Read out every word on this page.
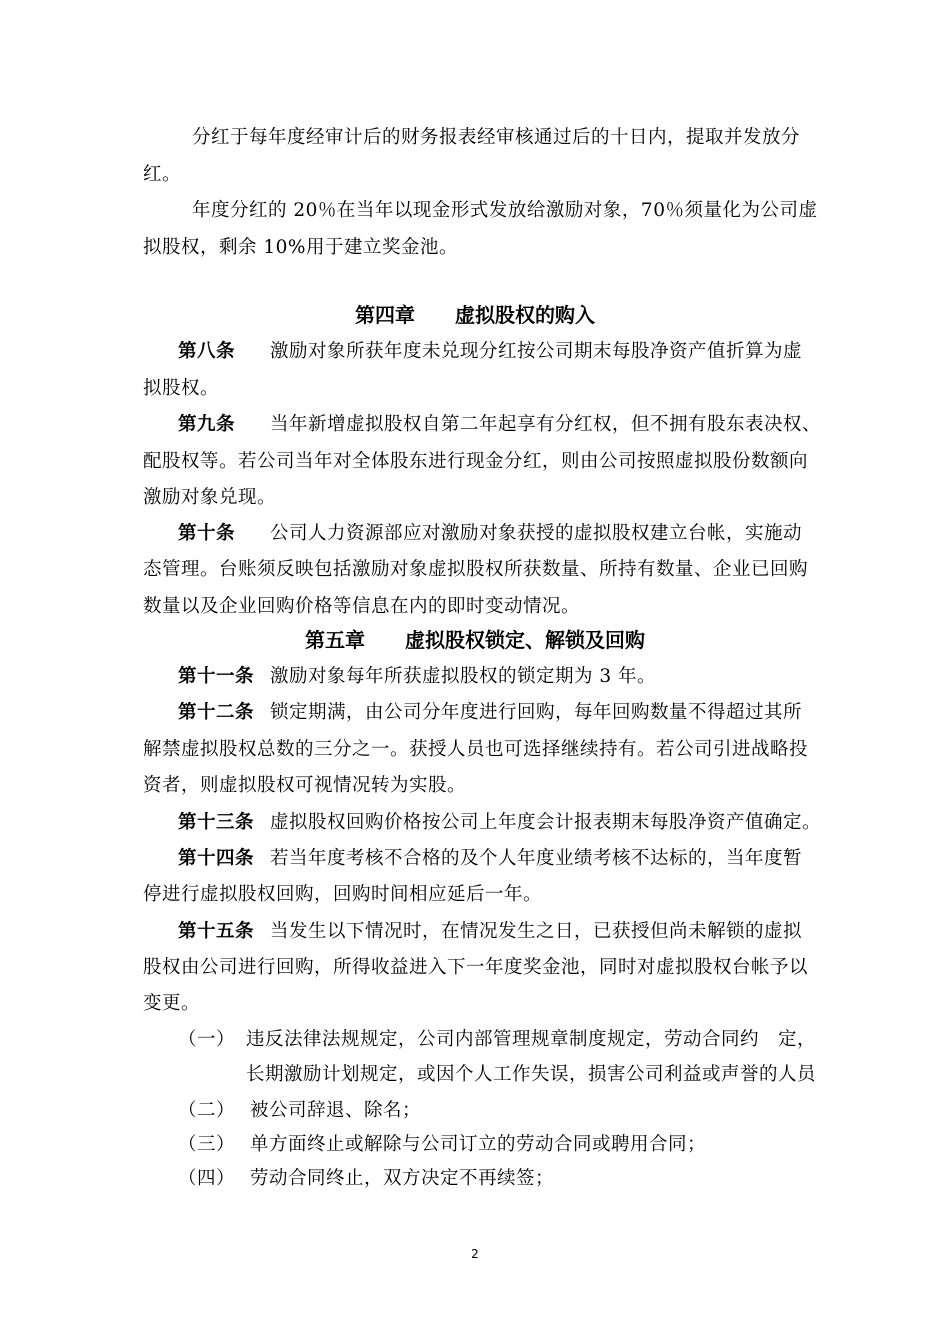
分红于每年度经审计后的财务报表经审核通过后的十日内，提取并发放分
红。
年度分红的 20％在当年以现金形式发放给激励对象，70％须量化为公司虚
拟股权，剩余 10%用于建立奖金池。
第四章 虚拟股权的购入
第八条 激励对象所获年度未兑现分红按公司期末每股净资产值折算为虚
拟股权。
第九条 当年新增虚拟股权自第二年起享有分红权，但不拥有股东表决权、
配股权等。若公司当年对全体股东进行现金分红，则由公司按照虚拟股份数额向
激励对象兑现。
第十条 公司人力资源部应对激励对象获授的虚拟股权建立台帐，实施动
态管理。台账须反映包括激励对象虚拟股权所获数量、所持有数量、企业已回购
数量以及企业回购价格等信息在内的即时变动情况。
第五章 虚拟股权锁定、解锁及回购
第十一条 激励对象每年所获虚拟股权的锁定期为 3 年。
第十二条 锁定期满，由公司分年度进行回购，每年回购数量不得超过其所
解禁虚拟股权总数的三分之一。获授人员也可选择继续持有。若公司引进战略投
资者，则虚拟股权可视情况转为实股。
第十三条 虚拟股权回购价格按公司上年度会计报表期末每股净资产值确定。
第十四条 若当年度考核不合格的及个人年度业绩考核不达标的，当年度暂
停进行虚拟股权回购，回购时间相应延后一年。
第十五条 当发生以下情况时，在情况发生之日，已获授但尚未解锁的虚拟
股权由公司进行回购，所得收益进入下一年度奖金池，同时对虚拟股权台帐予以
变更。
（一） 违反法律法规规定，公司内部管理规章制度规定，劳动合同约　定，
长期激励计划规定，或因个人工作失误，损害公司利益或声誉的人员
（二） 被公司辞退、除名；
（三） 单方面终止或解除与公司订立的劳动合同或聘用合同；
（四） 劳动合同终止，双方决定不再续签；
2
